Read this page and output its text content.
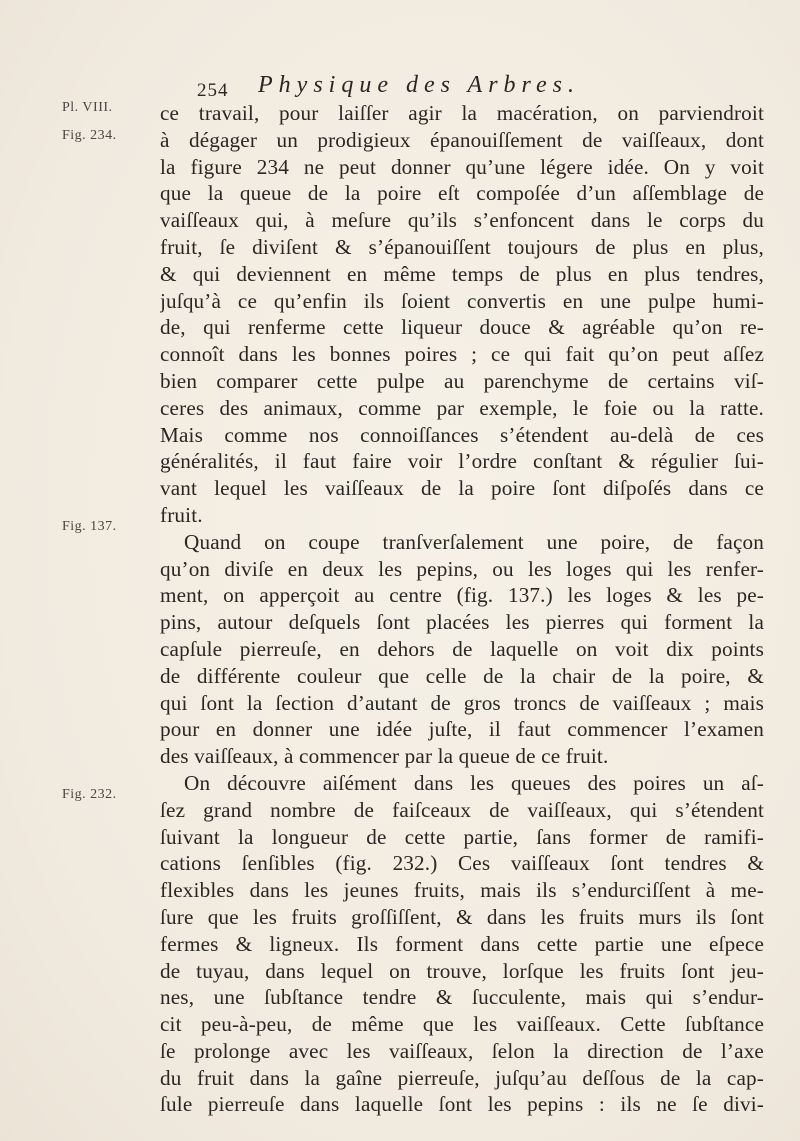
254 Physique des Arbres.
Pl. VIII.
Fig. 234.
Fig. 137.
Fig. 232.
ce travail, pour laiſſer agir la macération, on parviendroit
à dégager un prodigieux épanouiſſement de vaiſſeaux, dont
la figure 234 ne peut donner qu’une légere idée. On y voit
que la queue de la poire eſt compoſée d’un aſſemblage de
vaiſſeaux qui, à meſure qu’ils s’enfoncent dans le corps du
fruit, ſe diviſent & s’épanouiſſent toujours de plus en plus,
& qui deviennent en même temps de plus en plus tendres,
juſqu’à ce qu’enfin ils ſoient convertis en une pulpe humi-
de, qui renferme cette liqueur douce & agréable qu’on re-
connoît dans les bonnes poires ; ce qui fait qu’on peut aſſez
bien comparer cette pulpe au parenchyme de certains viſ-
ceres des animaux, comme par exemple, le foie ou la ratte.
Mais comme nos connoiſſances s’étendent au-delà de ces
généralités, il faut faire voir l’ordre conſtant & régulier ſui-
vant lequel les vaiſſeaux de la poire ſont diſpoſés dans ce
fruit.
Quand on coupe tranſverſalement une poire, de façon
qu’on diviſe en deux les pepins, ou les loges qui les renfer-
ment, on apperçoit au centre (fig. 137.) les loges & les pe-
pins, autour deſquels ſont placées les pierres qui forment la
capſule pierreuſe, en dehors de laquelle on voit dix points
de différente couleur que celle de la chair de la poire, &
qui ſont la ſection d’autant de gros troncs de vaiſſeaux ; mais
pour en donner une idée juſte, il faut commencer l’examen
des vaiſſeaux, à commencer par la queue de ce fruit.
On découvre aiſément dans les queues des poires un aſ-
ſez grand nombre de faiſceaux de vaiſſeaux, qui s’étendent
ſuivant la longueur de cette partie, ſans former de ramifi-
cations ſenſibles (fig. 232.) Ces vaiſſeaux ſont tendres &
flexibles dans les jeunes fruits, mais ils s’endurciſſent à me-
ſure que les fruits groſſiſſent, & dans les fruits murs ils ſont
fermes & ligneux. Ils forment dans cette partie une eſpece
de tuyau, dans lequel on trouve, lorſque les fruits ſont jeu-
nes, une ſubſtance tendre & ſucculente, mais qui s’endur-
cit peu-à-peu, de même que les vaiſſeaux. Cette ſubſtance
ſe prolonge avec les vaiſſeaux, ſelon la direction de l’axe
du fruit dans la gaîne pierreuſe, juſqu’au deſſous de la cap-
ſule pierreuſe dans laquelle ſont les pepins : ils ne ſe divi-
